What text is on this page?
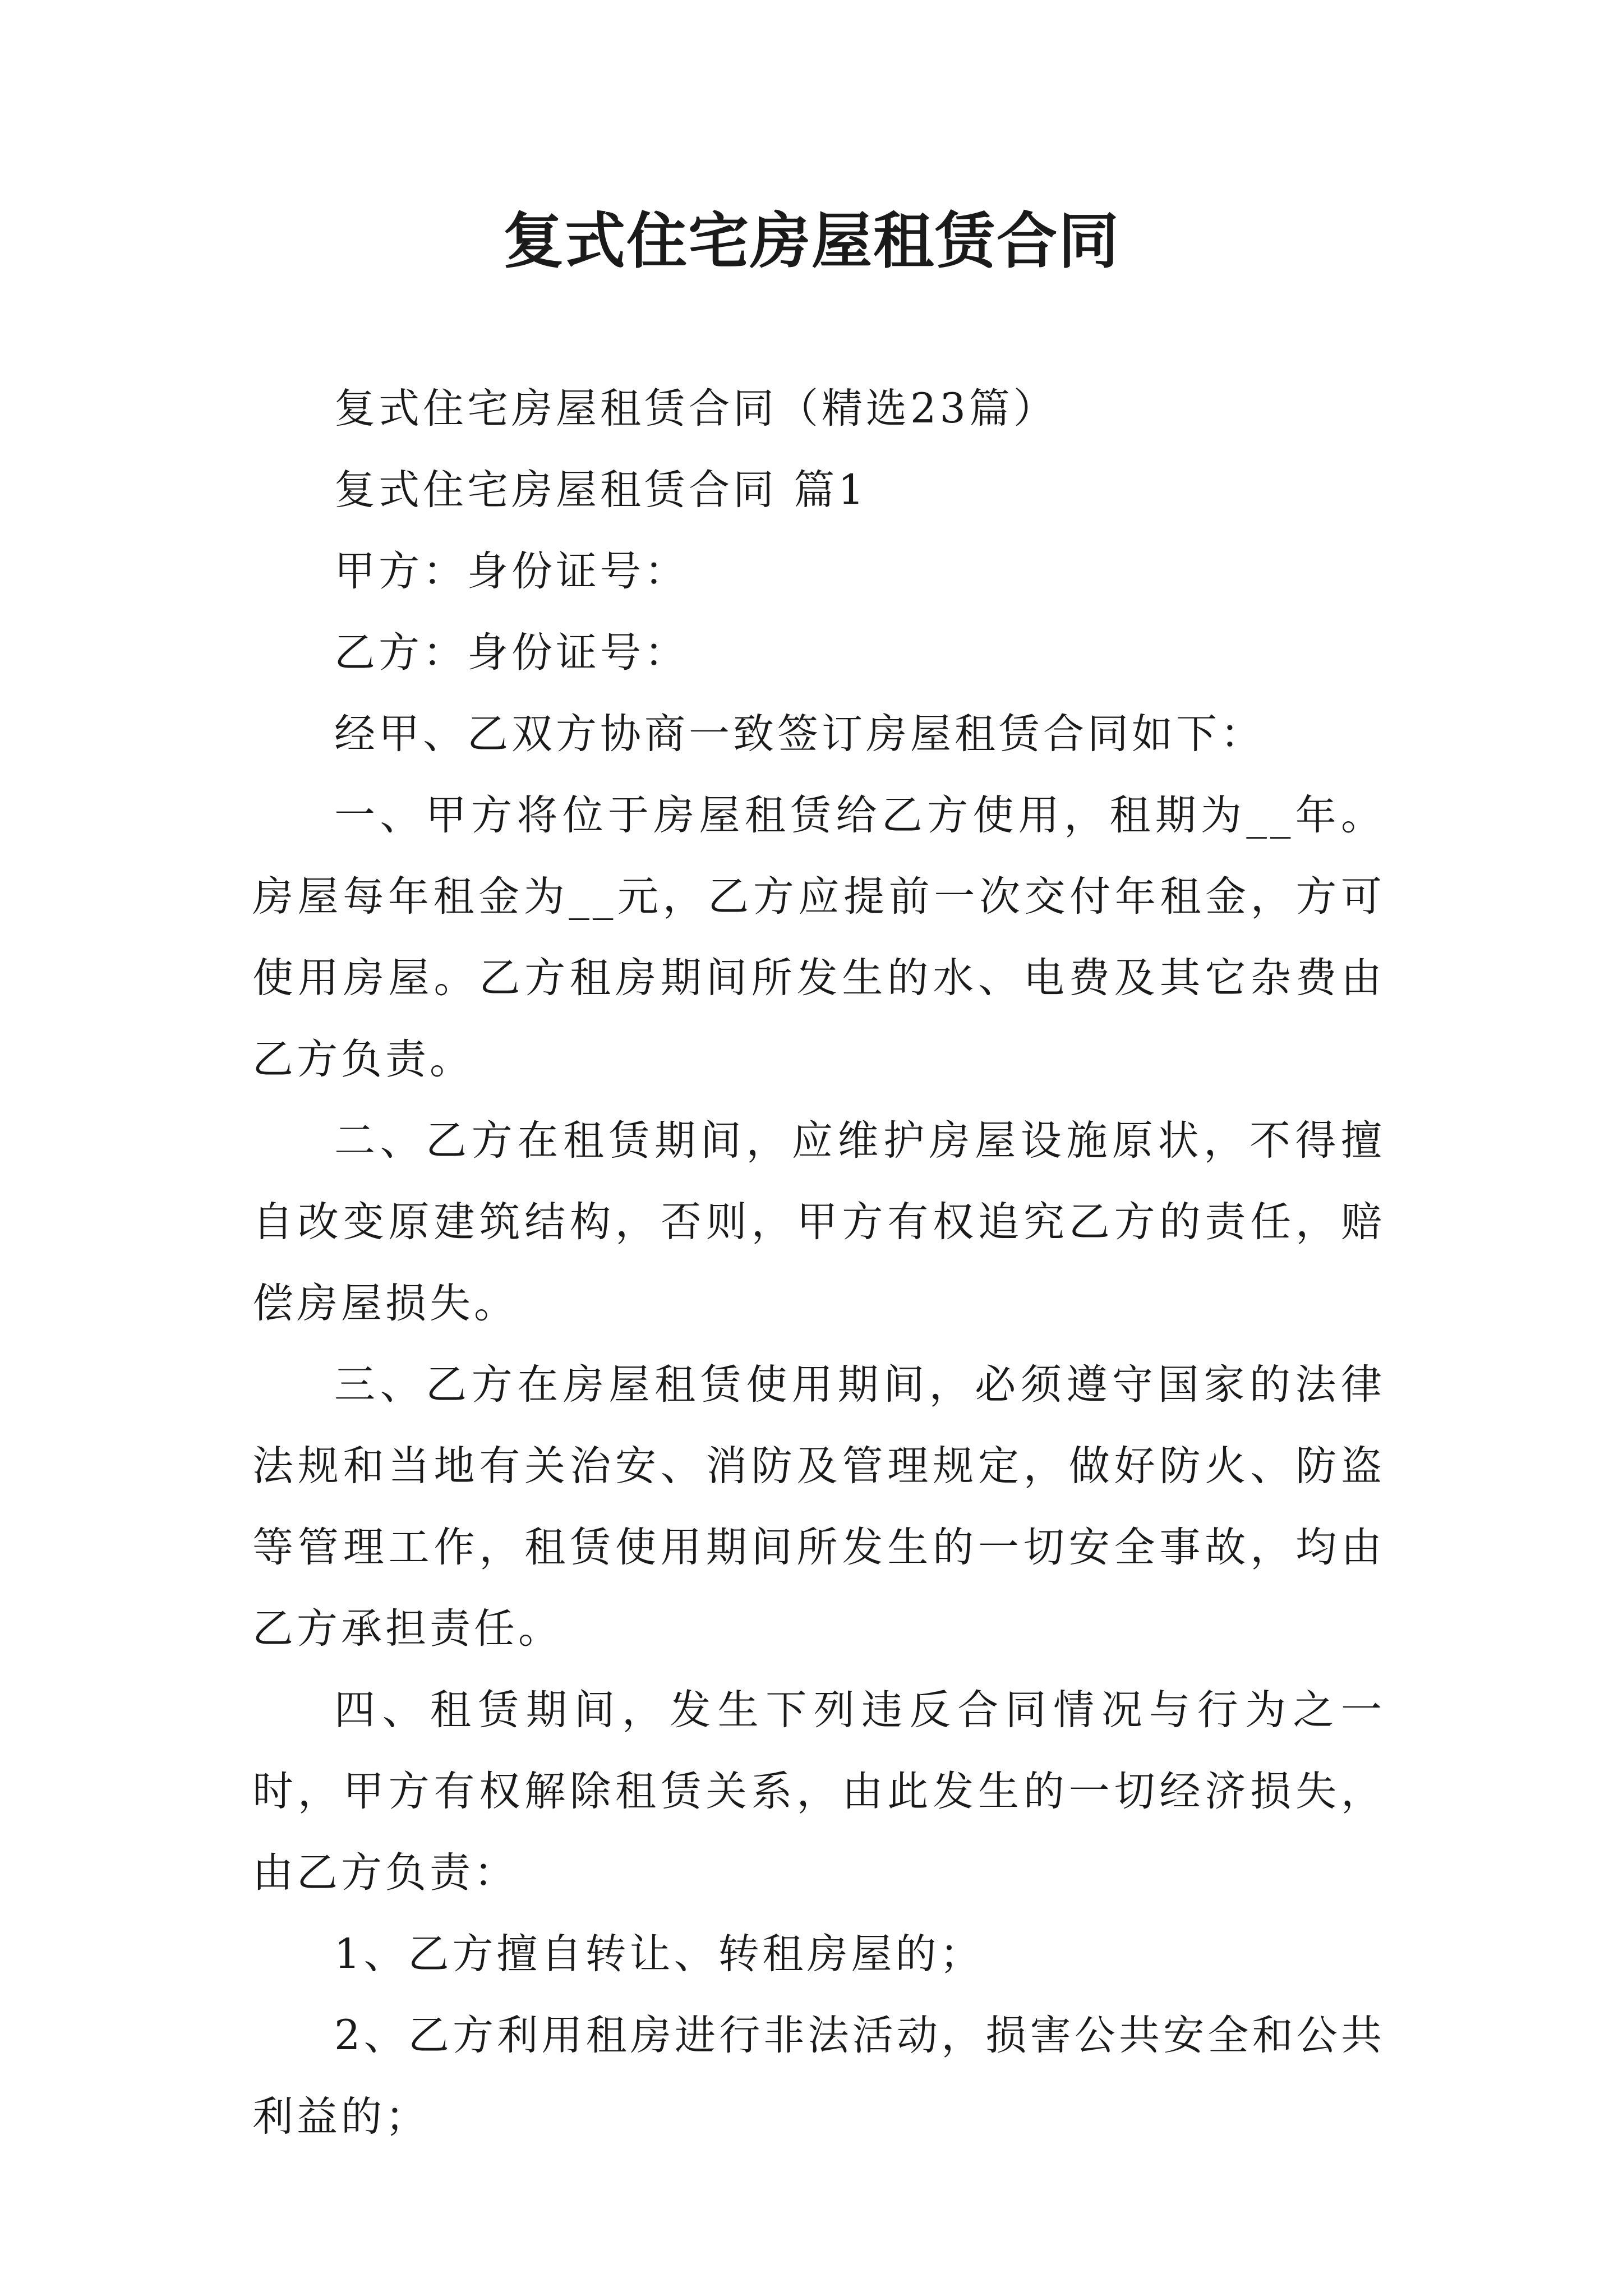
复式住宅房屋租赁合同

复式住宅房屋租赁合同（精选23篇）

复式住宅房屋租赁合同 篇1

甲方：身份证号：

乙方：身份证号：

经甲、乙双方协商一致签订房屋租赁合同如下：

一、甲方将位于房屋租赁给乙方使用，租期为__年。房屋每年租金为__元，乙方应提前一次交付年租金，方可使用房屋。乙方租房期间所发生的水、电费及其它杂费由乙方负责。

二、乙方在租赁期间，应维护房屋设施原状，不得擅自改变原建筑结构，否则，甲方有权追究乙方的责任，赔偿房屋损失。

三、乙方在房屋租赁使用期间，必须遵守国家的法律法规和当地有关治安、消防及管理规定，做好防火、防盗等管理工作，租赁使用期间所发生的一切安全事故，均由乙方承担责任。

四、租赁期间，发生下列违反合同情况与行为之一时，甲方有权解除租赁关系，由此发生的一切经济损失，由乙方负责：

1、乙方擅自转让、转租房屋的；

2、乙方利用租房进行非法活动，损害公共安全和公共利益的；
